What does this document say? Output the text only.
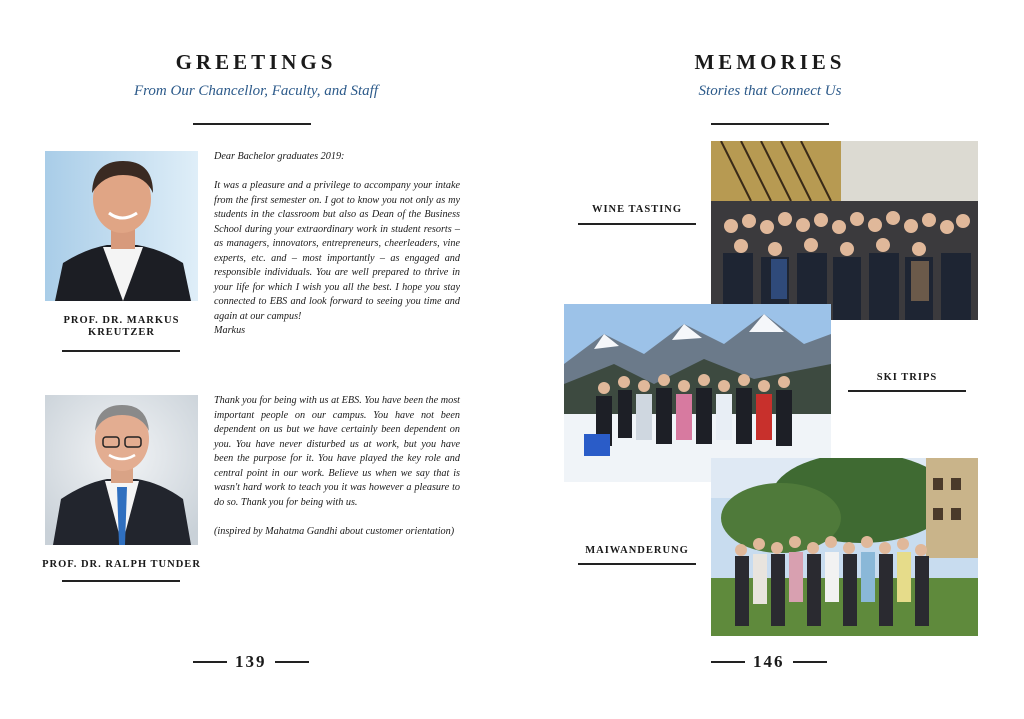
GREETINGS
From Our Chancellor, Faculty, and Staff
PROF. DR. MARKUS KREUTZER

Dear Bachelor graduates 2019:

It was a pleasure and a privilege to accompany your intake from the first semester on. I got to know you not only as my students in the classroom but also as Dean of the Business School during your extraordinary work in student resorts – as managers, innovators, entrepreneurs, cheerleaders, vine experts, etc. and – most importantly – as engaged and responsible individuals. You are well prepared to thrive in your life for which I wish you all the best. I hope you stay connected to EBS and look forward to seeing you time and again at our campus!

Markus

PROF. DR. RALPH TUNDER

Thank you for being with us at EBS. You have been the most important people on our campus. You have not been dependent on us but we have certainly been dependent on you. You have never disturbed us at work, but you have been the purpose for it. You have played the key role and central point in our work. Believe us when we say that is wasn't hard work to teach you it was however a pleasure to do so. Thank you for being with us.

(inspired by Mahatma Gandhi about customer orientation)

139
MEMORIES
Stories that Connect Us
WINE TASTING
SKI TRIPS
MAIWANDERUNG
146
